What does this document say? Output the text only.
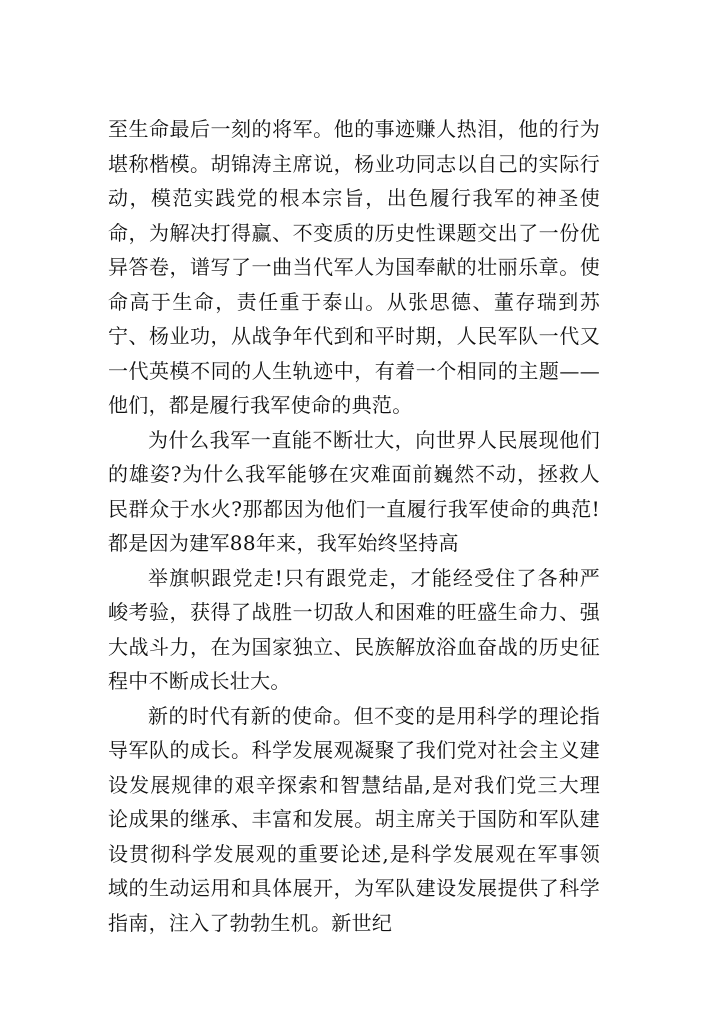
至生命最后一刻的将军。他的事迹赚人热泪，他的行为堪称楷模。胡锦涛主席说，杨业功同志以自己的实际行动，模范实践党的根本宗旨，出色履行我军的神圣使命，为解决打得赢、不变质的历史性课题交出了一份优异答卷，谱写了一曲当代军人为国奉献的壮丽乐章。使命高于生命，责任重于泰山。从张思德、董存瑞到苏宁、杨业功，从战争年代到和平时期，人民军队一代又一代英模不同的人生轨迹中，有着一个相同的主题——他们，都是履行我军使命的典范。

为什么我军一直能不断壮大，向世界人民展现他们的雄姿?为什么我军能够在灾难面前巍然不动，拯救人民群众于水火?那都因为他们一直履行我军使命的典范!都是因为建军88年来，我军始终坚持高

举旗帜跟党走!只有跟党走，才能经受住了各种严峻考验，获得了战胜一切敌人和困难的旺盛生命力、强大战斗力，在为国家独立、民族解放浴血奋战的历史征程中不断成长壮大。

新的时代有新的使命。但不变的是用科学的理论指导军队的成长。科学发展观凝聚了我们党对社会主义建设发展规律的艰辛探索和智慧结晶,是对我们党三大理论成果的继承、丰富和发展。胡主席关于国防和军队建设贯彻科学发展观的重要论述,是科学发展观在军事领域的生动运用和具体展开，为军队建设发展提供了科学指南，注入了勃勃生机。新世纪
